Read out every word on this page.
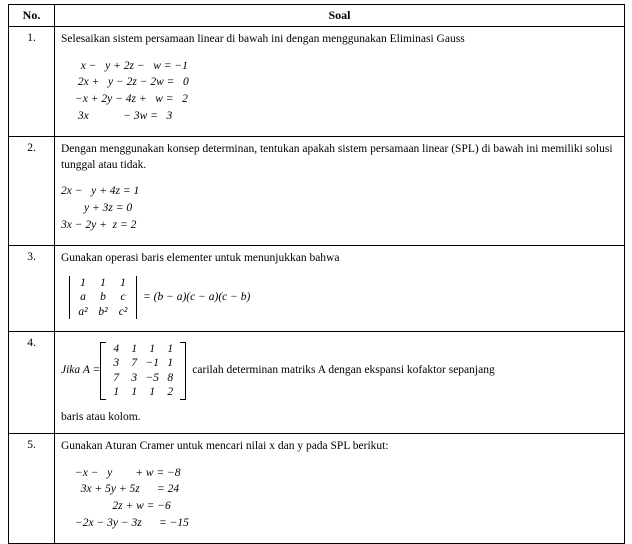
No.	Soal
1.	Selesaikan sistem persamaan linear di bawah ini dengan menggunakan Eliminasi Gauss
x −   y + 2z −   w = −1
2x +   y − 2z − 2w =   0
−x + 2y − 4z +   w =   2
3x            − 3w =   3

2.	Dengan menggunakan konsep determinan, tentukan apakah sistem persamaan linear (SPL) di bawah ini memiliki solusi tunggal atau tidak.
2x −   y + 4z = 1
y + 3z = 0
3x − 2y +  z = 2

3.	Gunakan operasi baris elementer untuk menunjukkan bahwa
1	1	1
a	b	c
a² b² c²
= (b − a)(c − a)(c − b)

4.	
Jika A =
4	1	1	1
3	7 −1 1
7	3 −5 8
1	1	1	2
carilah determinan matriks A dengan ekspansi kofaktor sepanjang
baris atau kolom.

5.	Gunakan Aturan Cramer untuk mencari nilai x dan y pada SPL berikut:
−x −   y        + w = −8
3x + 5y + 5z      = 24
2z + w = −6
−2x − 3y − 3z      = −15
